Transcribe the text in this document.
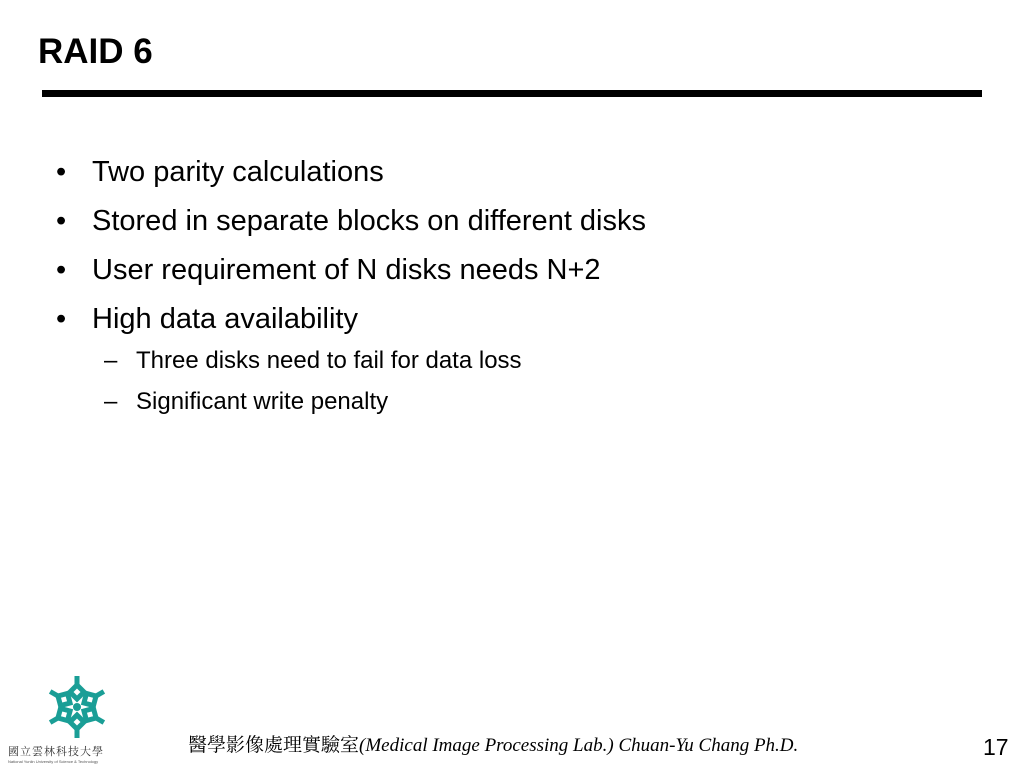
RAID 6
• Two parity calculations
• Stored in separate blocks on different disks
• User requirement of N disks needs N+2
• High data availability
– Three disks need to fail for data loss
– Significant write penalty
國立雲林科技大學
National Yunlin University of Science & Technology
醫學影像處理實驗室(Medical Image Processing Lab.) Chuan-Yu Chang Ph.D.	17
